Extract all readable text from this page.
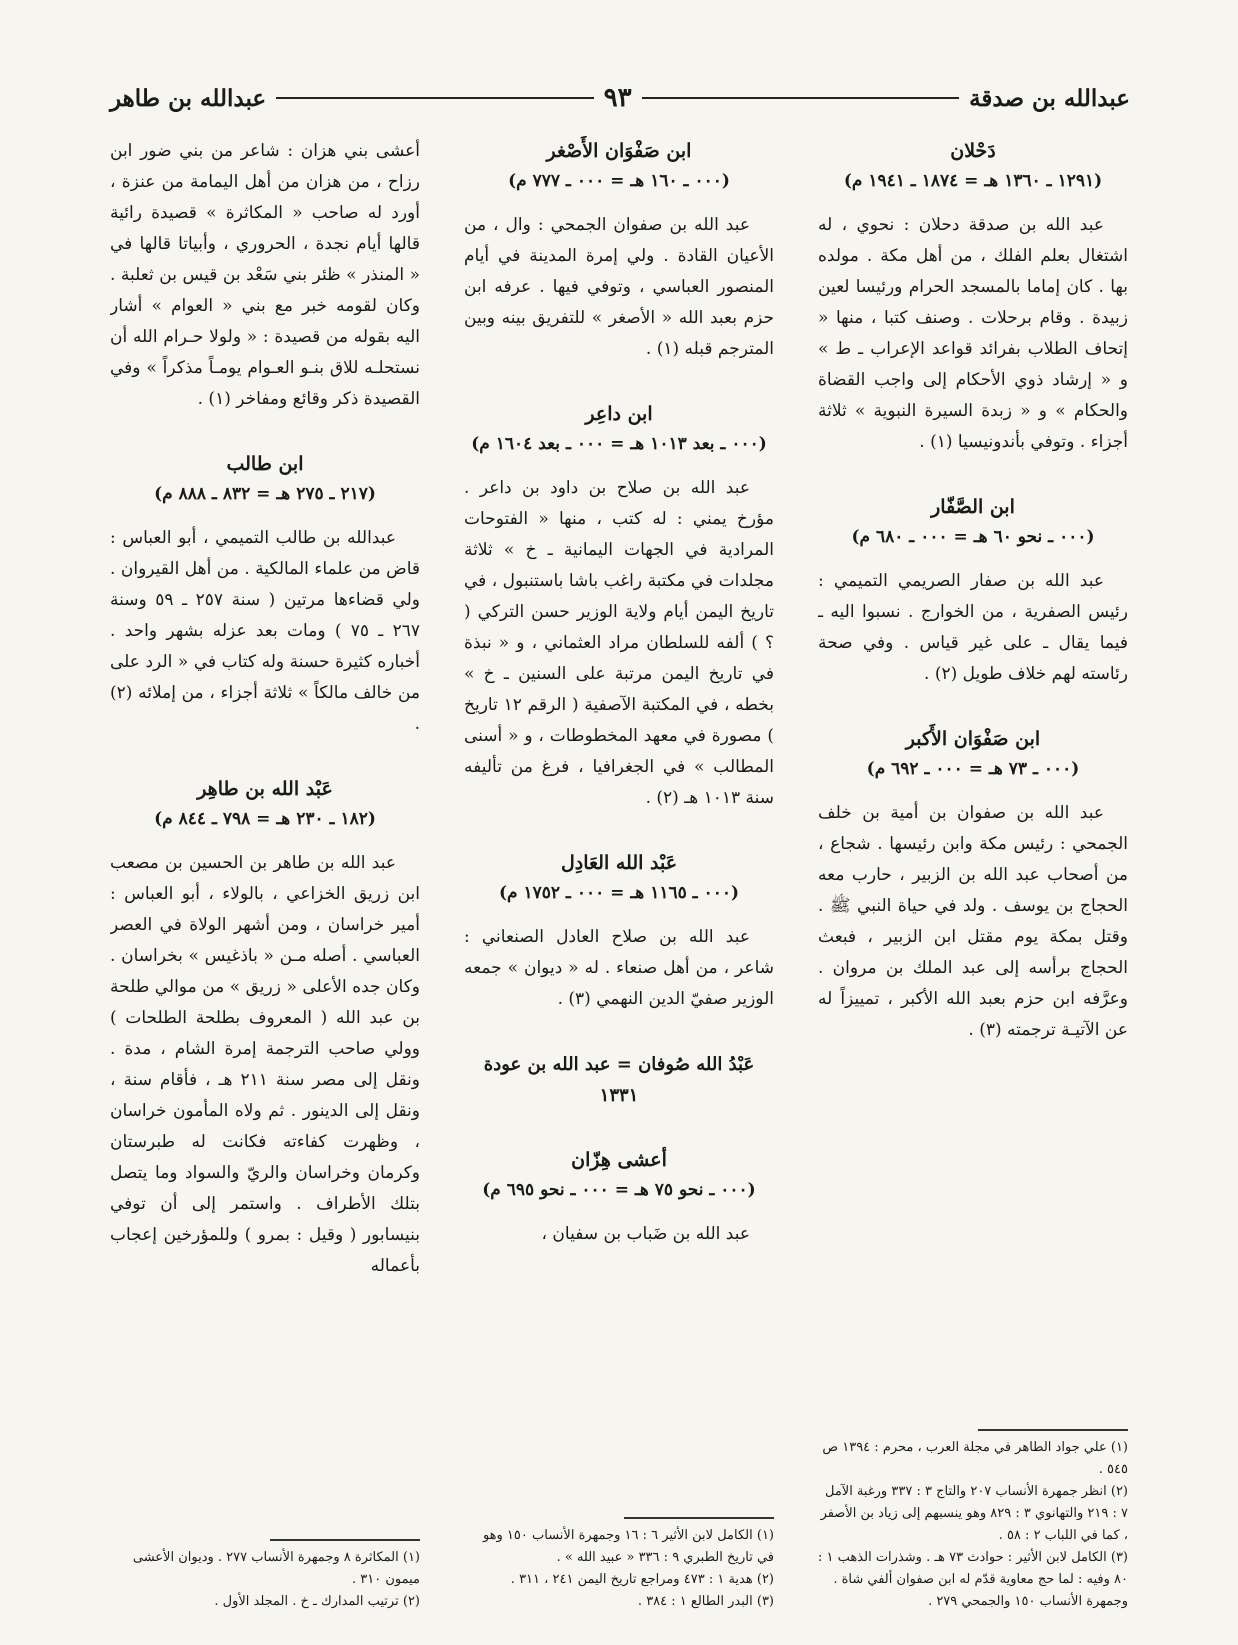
عبدالله بن صدقة
٩٣
عبدالله بن طاهر

دَحْلان

(١٢٩١ ـ ١٣٦٠ هـ = ١٨٧٤ ـ ١٩٤١ م)

عبد الله بن صدقة دحلان : نحوي ، له اشتغال بعلم الفلك ، من أهل مكة . مولده بها . كان إماما بالمسجد الحرام ورئيسا لعين زبيدة . وقام برحلات . وصنف كتبا ، منها « إتحاف الطلاب بفرائد قواعد الإعراب ـ ط » و « إرشاد ذوي الأحكام إلى واجب القضاة والحكام » و « زبدة السيرة النبوية » ثلاثة أجزاء . وتوفي بأندونيسيا (١) .

ابن الصَّفّار

(٠٠٠ ـ نحو ٦٠ هـ = ٠٠٠ ـ ٦٨٠ م)

عبد الله بن صفار الصريمي التميمي : رئيس الصفرية ، من الخوارج . نسبوا اليه ـ فيما يقال ـ على غير قياس . وفي صحة رئاسته لهم خلاف طويل (٢) .

ابن صَفْوَان الأَكبر

(٠٠٠ ـ ٧٣ هـ = ٠٠٠ ـ ٦٩٢ م)

عبد الله بن صفوان بن أمية بن خلف الجمحي : رئيس مكة وابن رئيسها . شجاع ، من أصحاب عبد الله بن الزبير ، حارب معه الحجاج بن يوسف . ولد في حياة النبي ﷺ . وقتل بمكة يوم مقتل ابن الزبير ، فبعث الحجاج برأسه إلى عبد الملك بن مروان . وعرَّفه ابن حزم بعبد الله الأكبر ، تمييزاً له عن الآتيـة ترجمته (٣) .

(١) علي جواد الطاهر في مجلة العرب ، محرم : ١٣٩٤ ص ٥٤٥ .

(٢) انظر جمهرة الأنساب ٢٠٧ والتاج ٣ : ٣٣٧ ورغبة الآمل ٧ : ٢١٩ والتهانوي ٣ : ٨٢٩ وهو ينسبهم إلى زياد بن الأصفر ، كما في اللباب ٢ : ٥٨ .

(٣) الكامل لابن الأثير : حوادث ٧٣ هـ . وشذرات الذهب ١ : ٨٠ وفيه : لما حج معاوية قدّم له ابن صفوان ألفي شاة . وجمهرة الأنساب ١٥٠ والجمحي ٢٧٩ .

ابن صَفْوَان الأَصْغر

(٠٠٠ ـ ١٦٠ هـ = ٠٠٠ ـ ٧٧٧ م)

عبد الله بن صفوان الجمحي : وال ، من الأعيان القادة . ولي إمرة المدينة في أيام المنصور العباسي ، وتوفي فيها . عرفه ابن حزم بعبد الله « الأصغر » للتفريق بينه وبين المترجم قبله (١) .

ابن داعِر

(٠٠٠ ـ بعد ١٠١٣ هـ = ٠٠٠ ـ بعد ١٦٠٤ م)

عبد الله بن صلاح بن داود بن داعر . مؤرخ يمني : له كتب ، منها « الفتوحات المرادية في الجهات اليمانية ـ خ » ثلاثة مجلدات في مكتبة راغب باشا باستنبول ، في تاريخ اليمن أيام ولاية الوزير حسن التركي ( ؟ ) ألفه للسلطان مراد العثماني ، و « نبذة في تاريخ اليمن مرتبة على السنين ـ خ » بخطه ، في المكتبة الآصفية ( الرقم ١٢ تاريخ ) مصورة في معهد المخطوطات ، و « أسنى المطالب » في الجغرافيا ، فرغ من تأليفه سنة ١٠١٣ هـ (٢) .

عَبْد الله العَادِل

(٠٠٠ ـ ١١٦٥ هـ = ٠٠٠ ـ ١٧٥٢ م)

عبد الله بن صلاح العادل الصنعاني : شاعر ، من أهل صنعاء . له « ديوان » جمعه الوزير صفيّ الدين النهمي (٣) .

عَبْدُ الله صُوفان = عبد الله بن عودة ١٣٣١

أعشى هِزّان

(٠٠٠ ـ نحو ٧٥ هـ = ٠٠٠ ـ نحو ٦٩٥ م)

عبد الله بن ضَباب بن سفيان ،

(١) الكامل لابن الأثير ٦ : ١٦ وجمهرة الأنساب ١٥٠ وهو في تاريخ الطبري ٩ : ٣٣٦ « عبيد الله » .

(٢) هدية ١ : ٤٧٣ ومراجع تاريخ اليمن ٢٤١ ، ٣١١ .

(٣) البدر الطالع ١ : ٣٨٤ .

أعشى بني هزان : شاعر من بني ضور ابن رزاح ، من هزان من أهل اليمامة من عنزة ، أورد له صاحب « المكاثرة » قصيدة رائية قالها أيام نجدة ، الحروري ، وأبياتا قالها في « المنذر » ظئر بني سَعْد بن قيس بن ثعلبة . وكان لقومه خبر مع بني « العوام » أشار اليه بقوله من قصيدة : « ولولا حـرام الله أن نستحلـه للاق بنـو العـوام يومـاً مذكراً » وفي القصيدة ذكر وقائع ومفاخر (١) .

ابن طالب

(٢١٧ ـ ٢٧٥ هـ = ٨٣٢ ـ ٨٨٨ م)

عبدالله بن طالب التميمي ، أبو العباس : قاض من علماء المالكية . من أهل القيروان . ولي قضاءها مرتين ( سنة ٢٥٧ ـ ٥٩ وسنة ٢٦٧ ـ ٧٥ ) ومات بعد عزله بشهر واحد . أخباره كثيرة حسنة وله كتاب في « الرد على من خالف مالكاً » ثلاثة أجزاء ، من إملائه (٢) .

عَبْد الله بن طاهِر

(١٨٢ ـ ٢٣٠ هـ = ٧٩٨ ـ ٨٤٤ م)

عبد الله بن طاهر بن الحسين بن مصعب ابن زريق الخزاعي ، بالولاء ، أبو العباس : أمير خراسان ، ومن أشهر الولاة في العصر العباسي . أصله مـن « باذغيس » بخراسان . وكان جده الأعلى « زريق » من موالي طلحة بن عبد الله ( المعروف بطلحة الطلحات ) وولي صاحب الترجمة إمرة الشام ، مدة . ونقل إلى مصر سنة ٢١١ هـ ، فأقام سنة ، ونقل إلى الدينور . ثم ولاه المأمون خراسان ، وظهرت كفاءته فكانت له طبرستان وكرمان وخراسان والريّ والسواد وما يتصل بتلك الأطراف . واستمر إلى أن توفي بنيسابور ( وقيل : بمرو ) وللمؤرخين إعجاب بأعماله

(١) المكاثرة ٨ وجمهرة الأنساب ٢٧٧ . وديوان الأعشى ميمون ٣١٠ .

(٢) ترتيب المدارك ـ خ . المجلد الأول .
